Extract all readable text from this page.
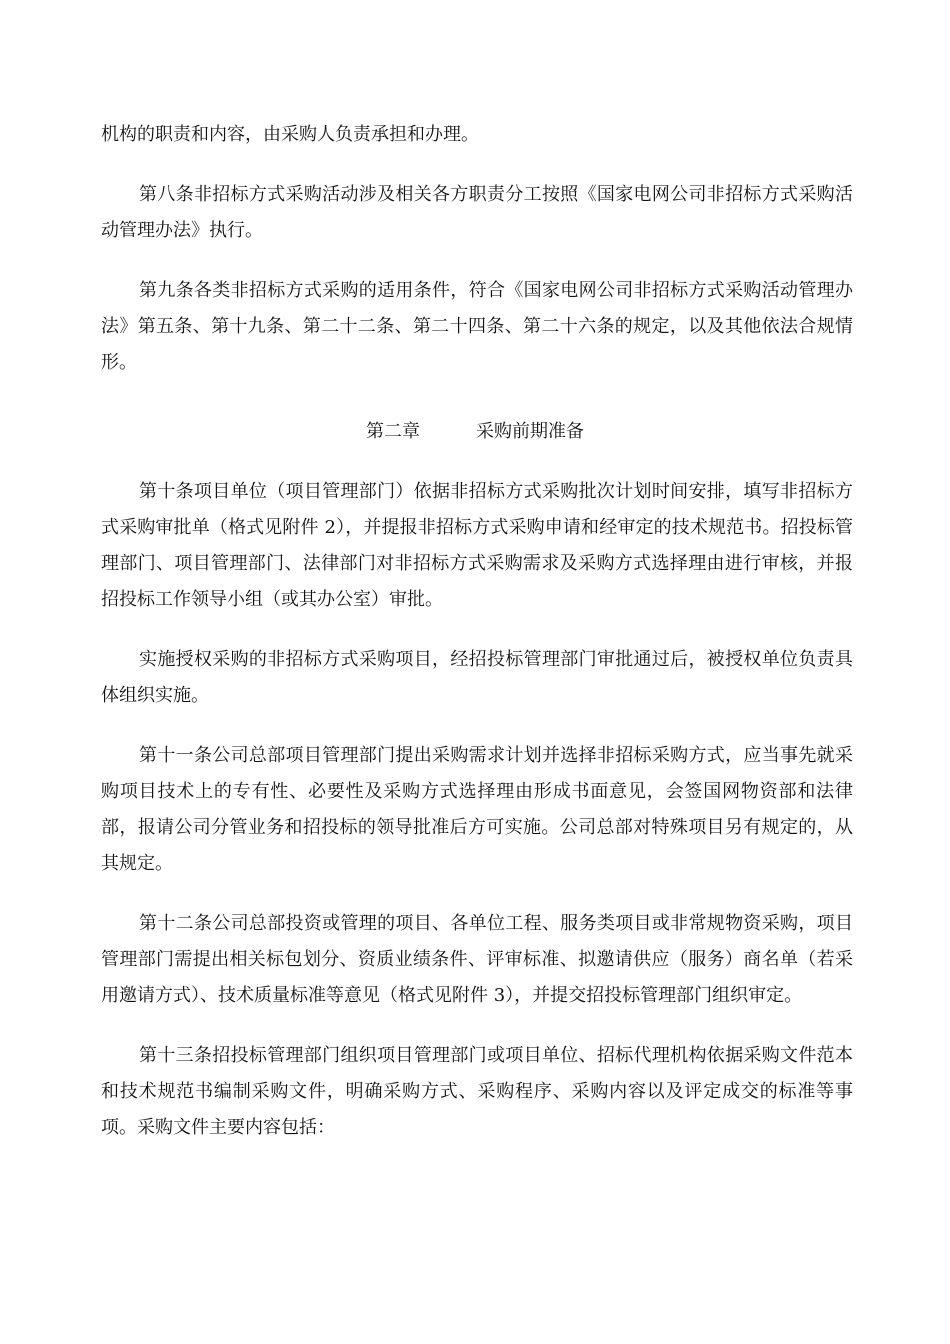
机构的职责和内容，由采购人负责承担和办理。

第八条非招标方式采购活动涉及相关各方职责分工按照《国家电网公司非招标方式采购活动管理办法》执行。

第九条各类非招标方式采购的适用条件，符合《国家电网公司非招标方式采购活动管理办法》第五条、第十九条、第二十二条、第二十四条、第二十六条的规定，以及其他依法合规情形。

第二章	采购前期准备

第十条项目单位（项目管理部门）依据非招标方式采购批次计划时间安排，填写非招标方式采购审批单（格式见附件 2），并提报非招标方式采购申请和经审定的技术规范书。招投标管理部门、项目管理部门、法律部门对非招标方式采购需求及采购方式选择理由进行审核，并报招投标工作领导小组（或其办公室）审批。

实施授权采购的非招标方式采购项目，经招投标管理部门审批通过后，被授权单位负责具体组织实施。

第十一条公司总部项目管理部门提出采购需求计划并选择非招标采购方式，应当事先就采购项目技术上的专有性、必要性及采购方式选择理由形成书面意见，会签国网物资部和法律部，报请公司分管业务和招投标的领导批准后方可实施。公司总部对特殊项目另有规定的，从其规定。

第十二条公司总部投资或管理的项目、各单位工程、服务类项目或非常规物资采购，项目管理部门需提出相关标包划分、资质业绩条件、评审标准、拟邀请供应（服务）商名单（若采用邀请方式）、技术质量标准等意见（格式见附件 3），并提交招投标管理部门组织审定。

第十三条招投标管理部门组织项目管理部门或项目单位、招标代理机构依据采购文件范本和技术规范书编制采购文件，明确采购方式、采购程序、采购内容以及评定成交的标准等事项。采购文件主要内容包括：
